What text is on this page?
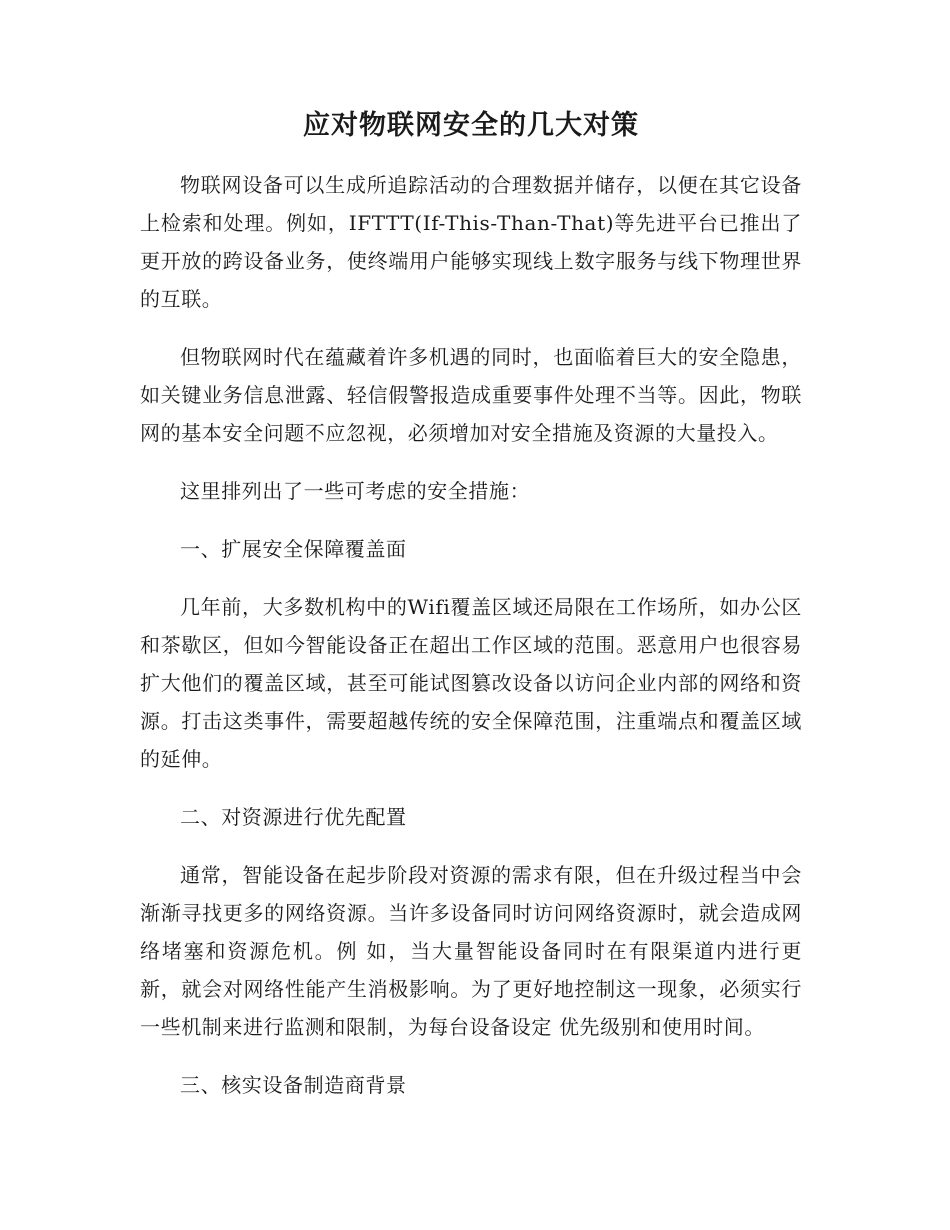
应对物联网安全的几大对策

物联网设备可以生成所追踪活动的合理数据并储存，以便在其它设备上检索和处理。例如，IFTTT(If-This-Than-That)等先进平台已推出了更开放的跨设备业务，使终端用户能够实现线上数字服务与线下物理世界的互联。

但物联网时代在蕴藏着许多机遇的同时，也面临着巨大的安全隐患，如关键业务信息泄露、轻信假警报造成重要事件处理不当等。因此，物联网的基本安全问题不应忽视，必须增加对安全措施及资源的大量投入。

这里排列出了一些可考虑的安全措施：

一、扩展安全保障覆盖面

几年前，大多数机构中的Wifi覆盖区域还局限在工作场所，如办公区和茶歇区，但如今智能设备正在超出工作区域的范围。恶意用户也很容易扩大他们的覆盖区域，甚至可能试图篡改设备以访问企业内部的网络和资源。打击这类事件，需要超越传统的安全保障范围，注重端点和覆盖区域的延伸。

二、对资源进行优先配置

通常，智能设备在起步阶段对资源的需求有限，但在升级过程当中会渐渐寻找更多的网络资源。当许多设备同时访问网络资源时，就会造成网络堵塞和资源危机。例 如，当大量智能设备同时在有限渠道内进行更新，就会对网络性能产生消极影响。为了更好地控制这一现象，必须实行一些机制来进行监测和限制，为每台设备设定 优先级别和使用时间。

三、核实设备制造商背景
